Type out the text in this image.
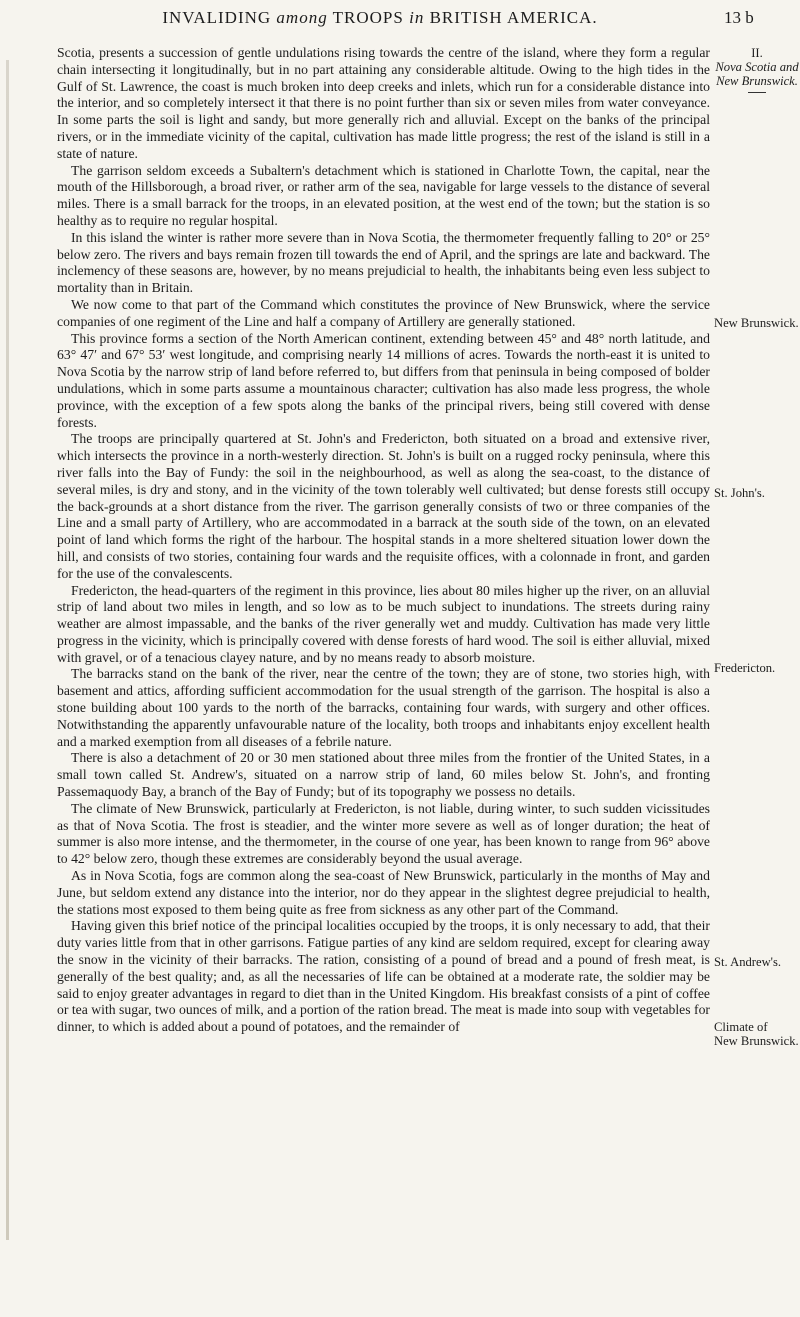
INVALIDING among TROOPS in BRITISH AMERICA.	13 b

Scotia, presents a succession of gentle undulations rising towards the centre of the island, where they form a regular chain intersecting it longitudinally, but in no part attaining any considerable altitude. Owing to the high tides in the Gulf of St. Lawrence, the coast is much broken into deep creeks and inlets, which run for a considerable distance into the interior, and so completely intersect it that there is no point further than six or seven miles from water conveyance. In some parts the soil is light and sandy, but more generally rich and alluvial. Except on the banks of the principal rivers, or in the immediate vicinity of the capital, cultivation has made little progress; the rest of the island is still in a state of nature.

The garrison seldom exceeds a Subaltern's detachment which is stationed in Charlotte Town, the capital, near the mouth of the Hillsborough, a broad river, or rather arm of the sea, navigable for large vessels to the distance of several miles. There is a small barrack for the troops, in an elevated position, at the west end of the town; but the station is so healthy as to require no regular hospital.

In this island the winter is rather more severe than in Nova Scotia, the thermometer frequently falling to 20° or 25° below zero. The rivers and bays remain frozen till towards the end of April, and the springs are late and backward. The inclemency of these seasons are, however, by no means prejudicial to health, the inhabitants being even less subject to mortality than in Britain.

We now come to that part of the Command which constitutes the province of New Brunswick, where the service companies of one regiment of the Line and half a company of Artillery are generally stationed.

This province forms a section of the North American continent, extending between 45° and 48° north latitude, and 63° 47′ and 67° 53′ west longitude, and comprising nearly 14 millions of acres. Towards the north-east it is united to Nova Scotia by the narrow strip of land before referred to, but differs from that peninsula in being composed of bolder undulations, which in some parts assume a mountainous character; cultivation has also made less progress, the whole province, with the exception of a few spots along the banks of the principal rivers, being still covered with dense forests.

The troops are principally quartered at St. John's and Fredericton, both situated on a broad and extensive river, which intersects the province in a north-westerly direction. St. John's is built on a rugged rocky peninsula, where this river falls into the Bay of Fundy: the soil in the neighbourhood, as well as along the sea-coast, to the distance of several miles, is dry and stony, and in the vicinity of the town tolerably well cultivated; but dense forests still occupy the back-grounds at a short distance from the river. The garrison generally consists of two or three companies of the Line and a small party of Artillery, who are accommodated in a barrack at the south side of the town, on an elevated point of land which forms the right of the harbour. The hospital stands in a more sheltered situation lower down the hill, and consists of two stories, containing four wards and the requisite offices, with a colonnade in front, and garden for the use of the convalescents.

Fredericton, the head-quarters of the regiment in this province, lies about 80 miles higher up the river, on an alluvial strip of land about two miles in length, and so low as to be much subject to inundations. The streets during rainy weather are almost impassable, and the banks of the river generally wet and muddy. Cultivation has made very little progress in the vicinity, which is principally covered with dense forests of hard wood. The soil is either alluvial, mixed with gravel, or of a tenacious clayey nature, and by no means ready to absorb moisture.

The barracks stand on the bank of the river, near the centre of the town; they are of stone, two stories high, with basement and attics, affording sufficient accommodation for the usual strength of the garrison. The hospital is also a stone building about 100 yards to the north of the barracks, containing four wards, with surgery and other offices. Notwithstanding the apparently unfavourable nature of the locality, both troops and inhabitants enjoy excellent health and a marked exemption from all diseases of a febrile nature.

There is also a detachment of 20 or 30 men stationed about three miles from the frontier of the United States, in a small town called St. Andrew's, situated on a narrow strip of land, 60 miles below St. John's, and fronting Passemaquody Bay, a branch of the Bay of Fundy; but of its topography we possess no details.

The climate of New Brunswick, particularly at Fredericton, is not liable, during winter, to such sudden vicissitudes as that of Nova Scotia. The frost is steadier, and the winter more severe as well as of longer duration; the heat of summer is also more intense, and the thermometer, in the course of one year, has been known to range from 96° above to 42° below zero, though these extremes are considerably beyond the usual average.

As in Nova Scotia, fogs are common along the sea-coast of New Brunswick, particularly in the months of May and June, but seldom extend any distance into the interior, nor do they appear in the slightest degree prejudicial to health, the stations most exposed to them being quite as free from sickness as any other part of the Command.

Having given this brief notice of the principal localities occupied by the troops, it is only necessary to add, that their duty varies little from that in other garrisons. Fatigue parties of any kind are seldom required, except for clearing away the snow in the vicinity of their barracks. The ration, consisting of a pound of bread and a pound of fresh meat, is generally of the best quality; and, as all the necessaries of life can be obtained at a moderate rate, the soldier may be said to enjoy greater advantages in regard to diet than in the United Kingdom. His breakfast consists of a pint of coffee or tea with sugar, two ounces of milk, and a portion of the ration bread. The meat is made into soup with vegetables for dinner, to which is added about a pound of potatoes, and the remainder of

II.
Nova Scotia and
New Brunswick.
New Brunswick.
St. John's.
Fredericton.
St. Andrew's.
Climate of
New Brunswick.
